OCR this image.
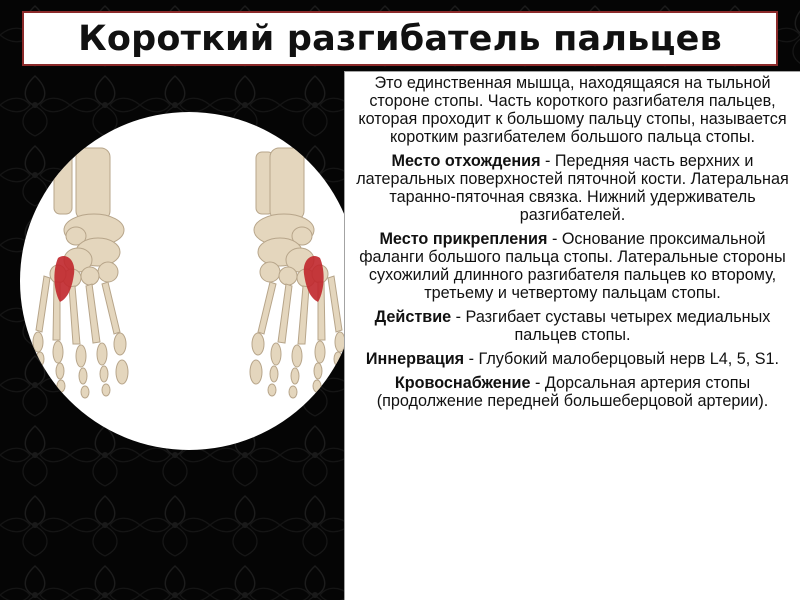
Короткий разгибатель пальцев

Это единственная мышца, находящаяся на тыльной стороне стопы. Часть короткого разгибателя пальцев, которая проходит к большому пальцу стопы, называется коротким разгибателем большого пальца стопы.

Место отхождения - Передняя часть верхних и латеральных поверхностей пяточной кости. Латеральная таранно-пяточная связка. Нижний удерживатель разгибателей.

Место прикрепления - Основание проксимальной фаланги большого пальца стопы. Латеральные стороны сухожилий длинного разгибателя пальцев ко второму, третьему и четвертому пальцам стопы.

Действие - Разгибает суставы четырех медиальных пальцев стопы.

Иннервация - Глубокий малоберцовый нерв L4, 5, S1.

Кровоснабжение - Дорсальная артерия стопы (продолжение передней большеберцовой артерии).
